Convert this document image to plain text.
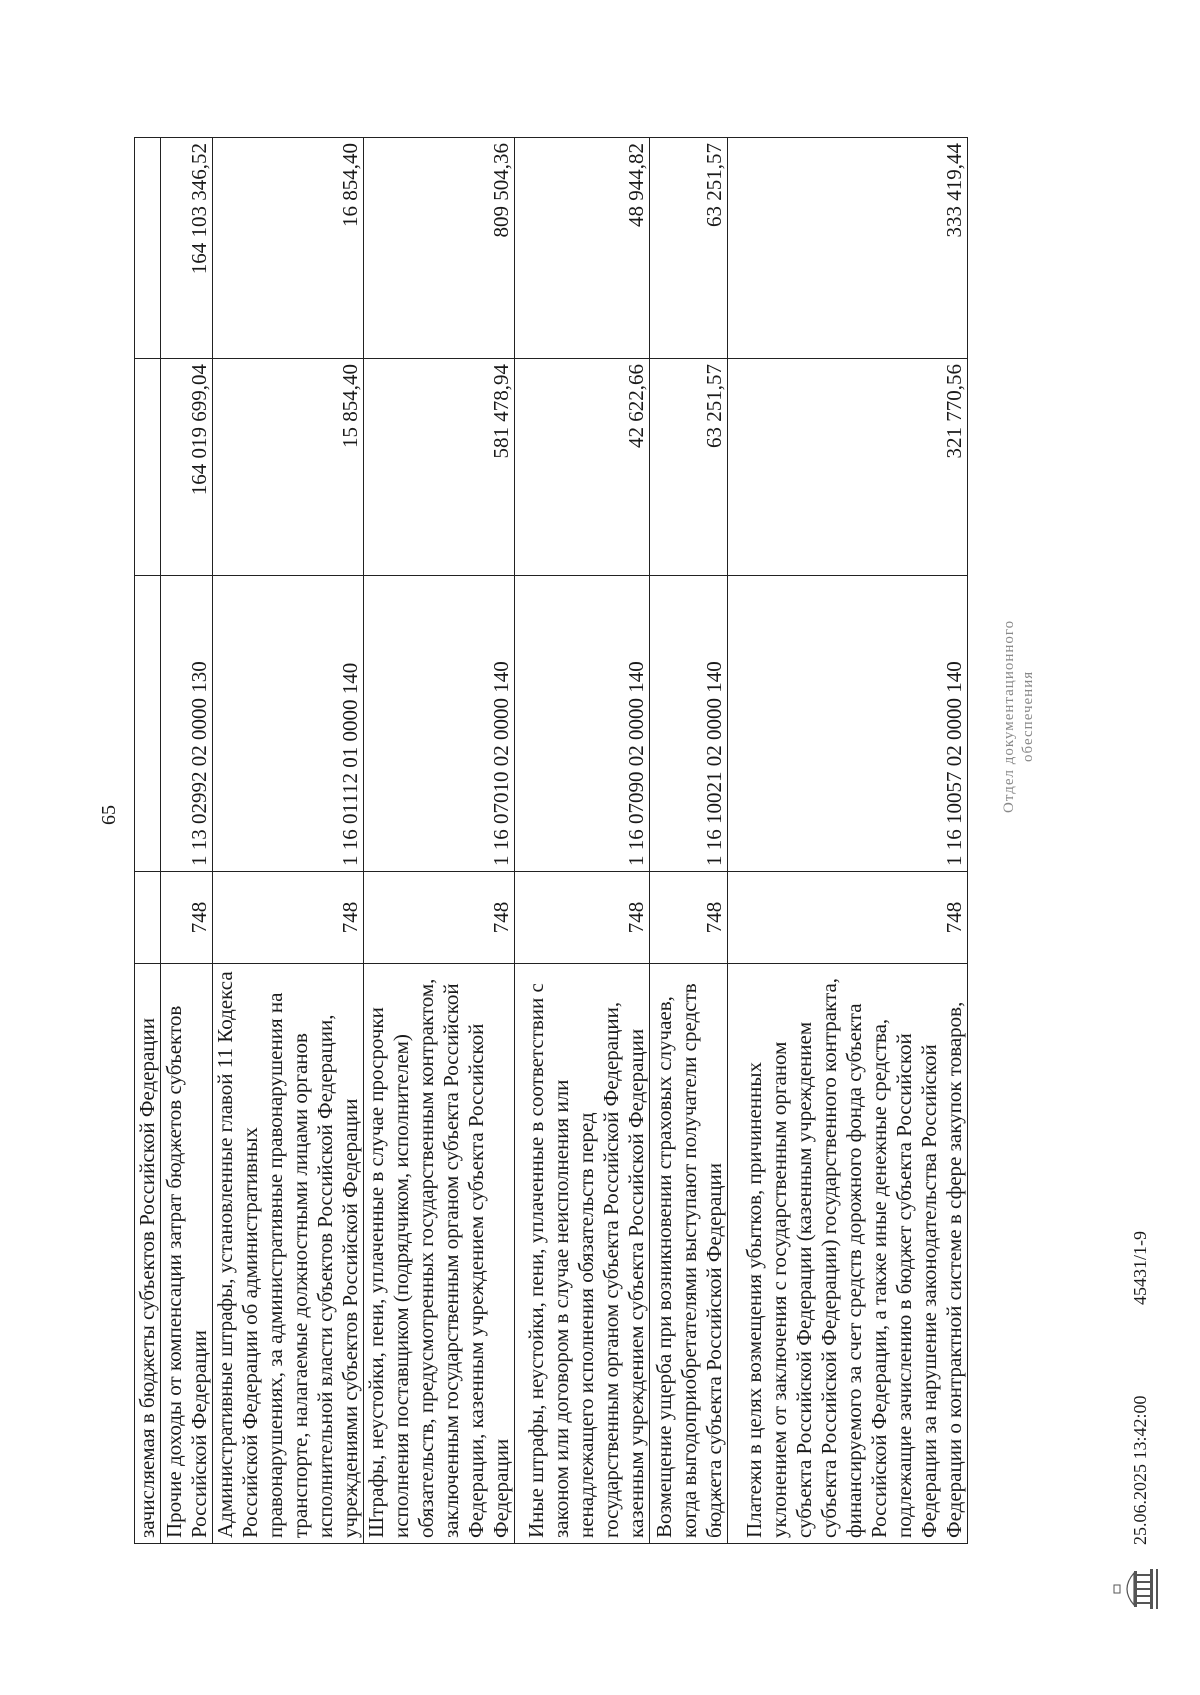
65
зачисляемая в бюджеты субъектов Российской Федерации				
Прочие доходы от компенсации затрат бюджетов субъектов Российской Федерации	748	1 13 02992 02 0000 130	164 019 699,04	164 103 346,52
Административные штрафы, установленные главой 11 Кодекса Российской Федерации об административных правонарушениях, за административные правонарушения на транспорте, налагаемые должностными лицами органов исполнительной власти субъектов Российской Федерации, учреждениями субъектов Российской Федерации	748	1 16 01112 01 0000 140	15 854,40	16 854,40
Штрафы, неустойки, пени, уплаченные в случае просрочки исполнения поставщиком (подрядчиком, исполнителем) обязательств, предусмотренных государственным контрактом, заключенным государственным органом субъекта Российской Федерации, казенным учреждением субъекта Российской Федерации	748	1 16 07010 02 0000 140	581 478,94	809 504,36
Иные штрафы, неустойки, пени, уплаченные в соответствии с законом или договором в случае неисполнения или ненадлежащего исполнения обязательств перед государственным органом субъекта Российской Федерации, казенным учреждением субъекта Российской Федерации	748	1 16 07090 02 0000 140	42 622,66	48 944,82
Возмещение ущерба при возникновении страховых случаев, когда выгодоприобретателями выступают получатели средств бюджета субъекта Российской Федерации	748	1 16 10021 02 0000 140	63 251,57	63 251,57
Платежи в целях возмещения убытков, причиненных уклонением от заключения с государственным органом субъекта Российской Федерации (казенным учреждением субъекта Российской Федерации) государственного контракта, финансируемого за счет средств дорожного фонда субъекта Российской Федерации, а также иные денежные средства, подлежащие зачислению в бюджет субъекта Российской Федерации за нарушение законодательства Российской Федерации о контрактной системе в сфере закупок товаров,	748	1 16 10057 02 0000 140	321 770,56	333 419,44
Отдел документационного обеспечения
25.06.2025 13:42:00
45431/1-9
